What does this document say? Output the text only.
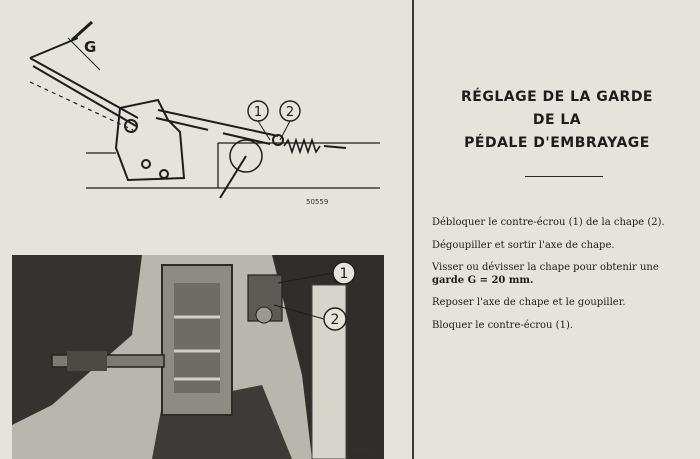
G
1 2
50559
1
2
50560
RÉGLAGE DE LA GARDE
DE LA
PÉDALE D'EMBRAYAGE
Débloquer le contre-écrou (1) de la chape (2).
Dégoupiller et sortir l'axe de chape.
Visser ou dévisser la chape pour obtenir une
garde G = 20 mm.
Reposer l'axe de chape et le goupiller.
Bloquer le contre-écrou (1).
